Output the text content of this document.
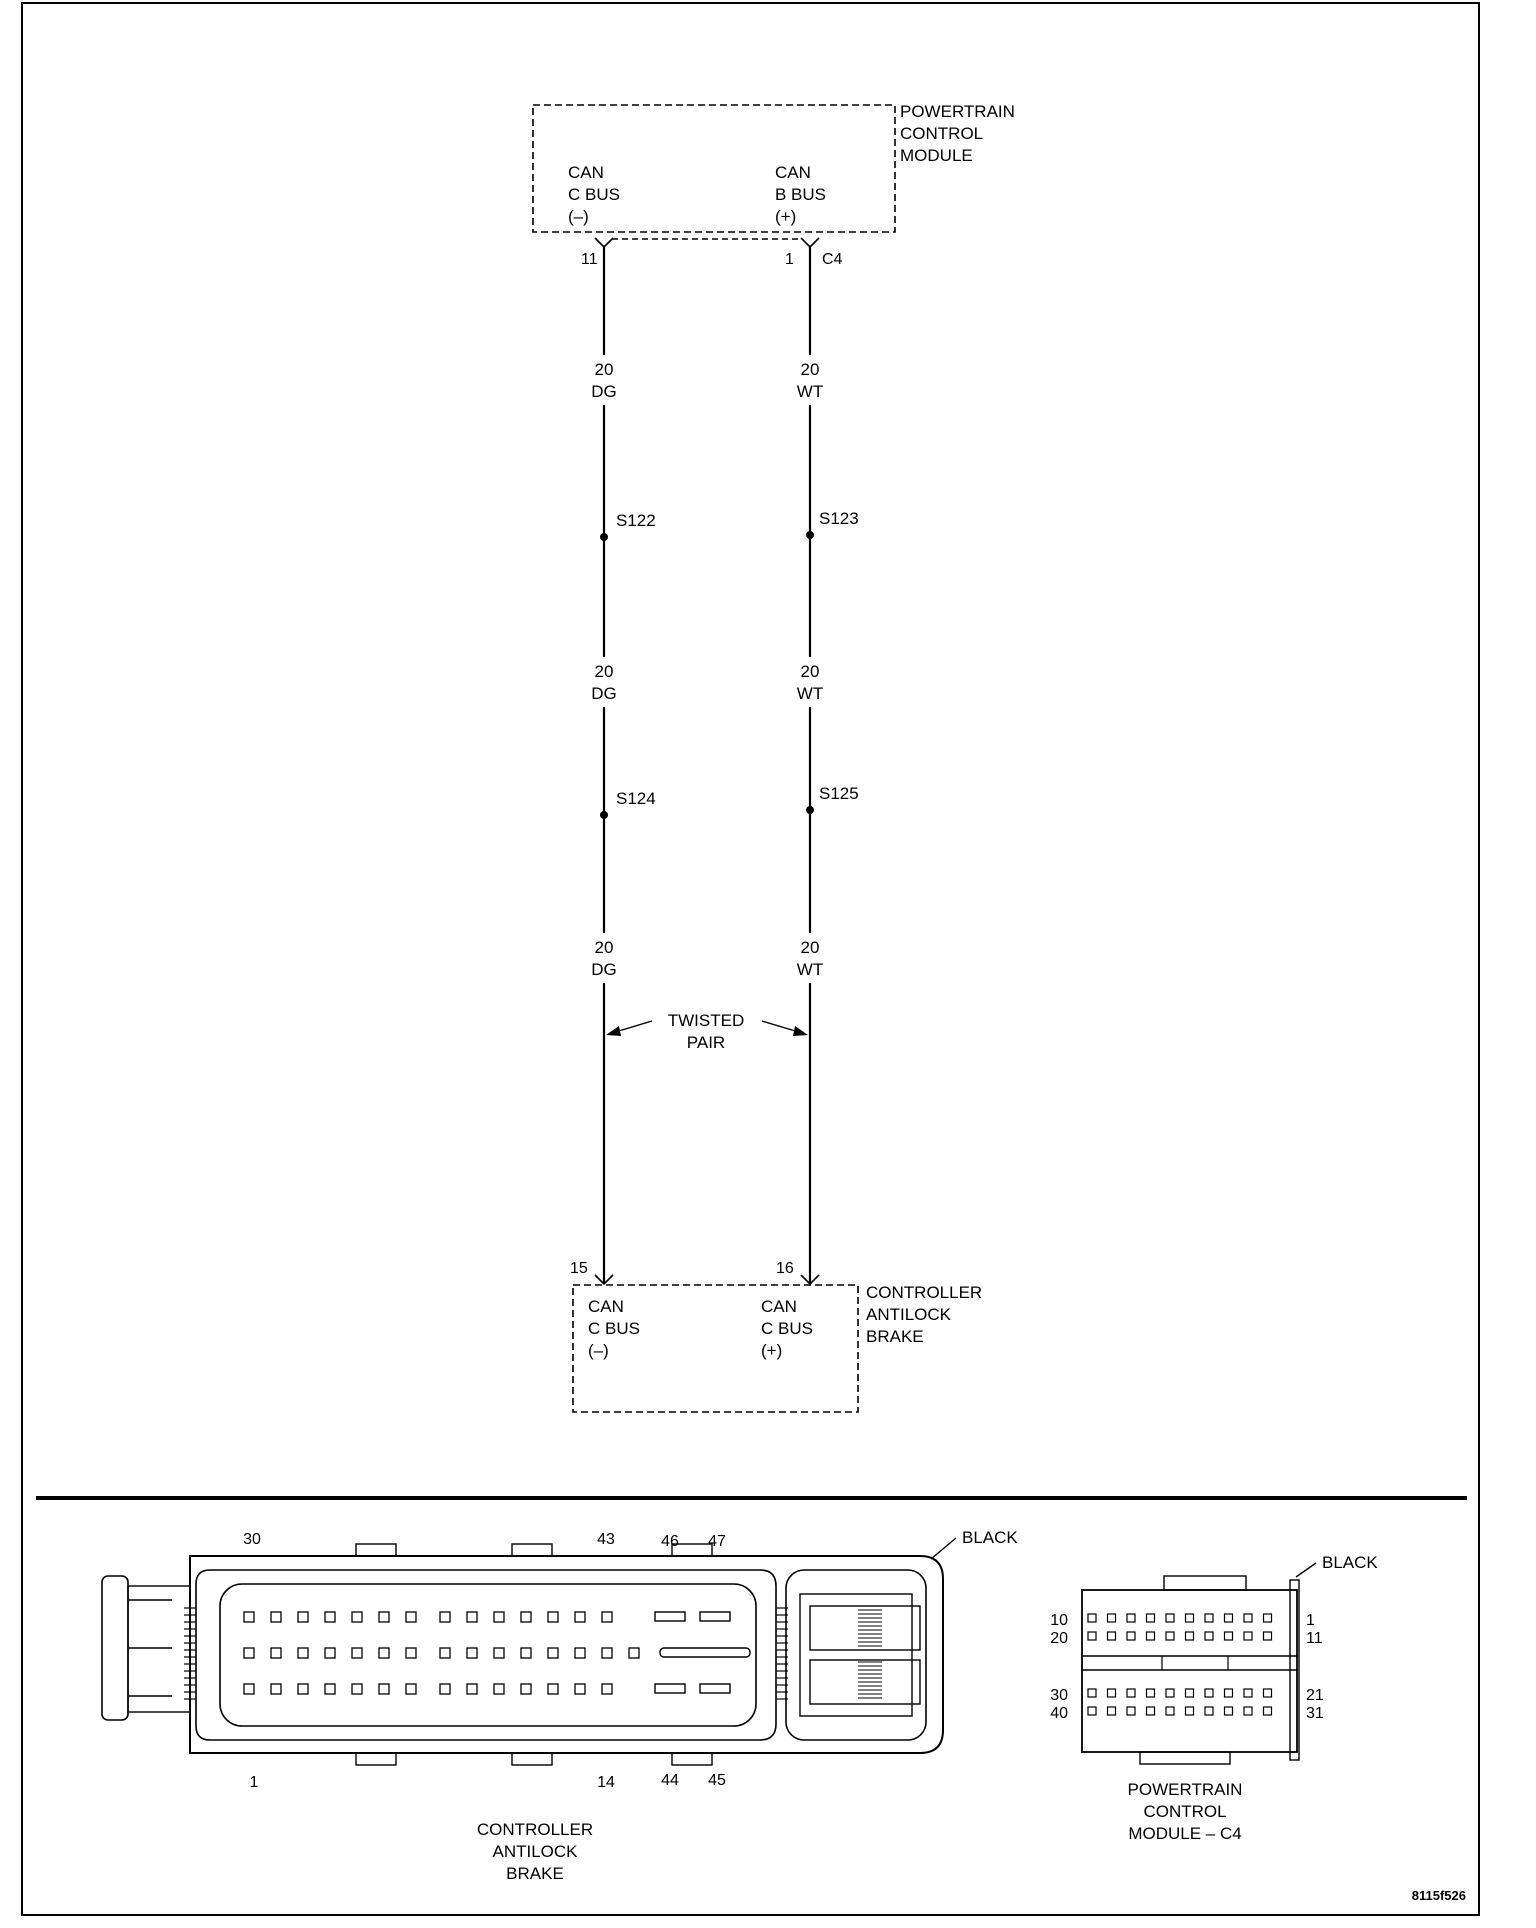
POWERTRAIN
CONTROL
MODULE
CAN
C BUS
(–)
CAN
B BUS
(+)
11	1 C4
20
DG
S122
20
DG
S124
20
DG
20
WT
S123
20
WT
S125
20
WT
TWISTED
PAIR
15	16
CONTROLLER
ANTILOCK
BRAKE
CAN
C BUS
(–)
CAN
C BUS
(+)
30	43	46 47
1	14	44 45
BLACK
CONTROLLER
ANTILOCK
BRAKE
10
20
30
40
1
11
21
31
BLACK
POWERTRAIN
CONTROL
MODULE – C4
8115f526
